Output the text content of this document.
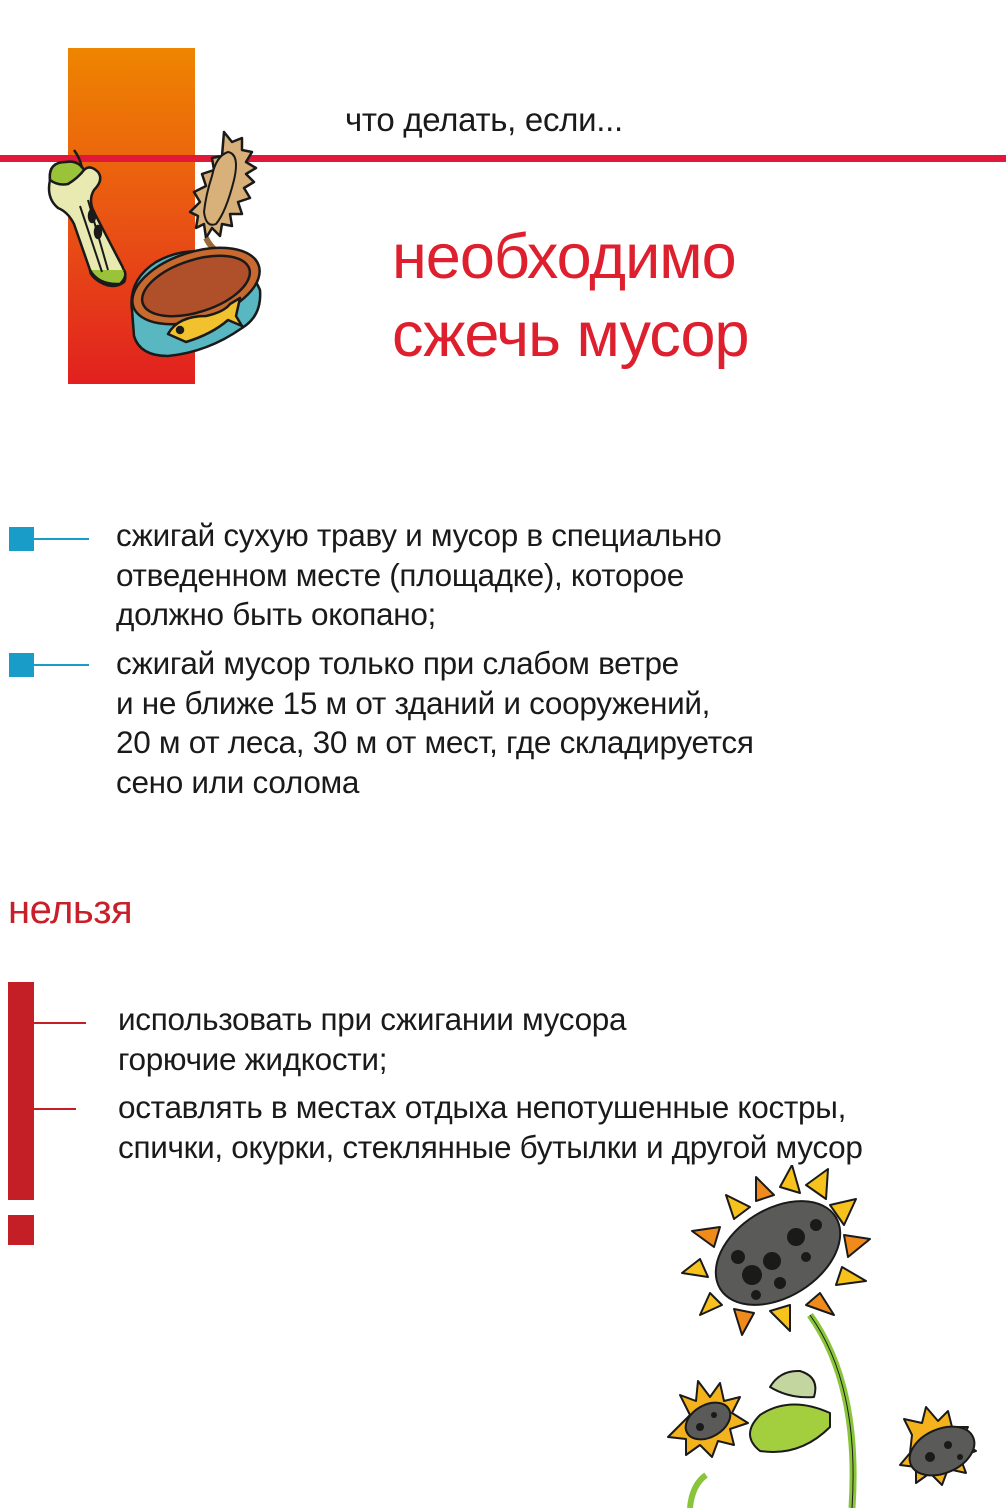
что делать, если...
необходимо
сжечь мусор
сжигай сухую траву и мусор в специально
отведенном месте (площадке), которое
должно быть окопано;
сжигай мусор только при слабом ветре
и не ближе 15 м от зданий и сооружений,
20 м от леса, 30 м от мест, где складируется
сено или солома
нельзя
использовать при сжигании мусора
горючие жидкости;
оставлять в местах отдыха непотушенные костры,
спички, окурки, стеклянные бутылки и другой мусор
